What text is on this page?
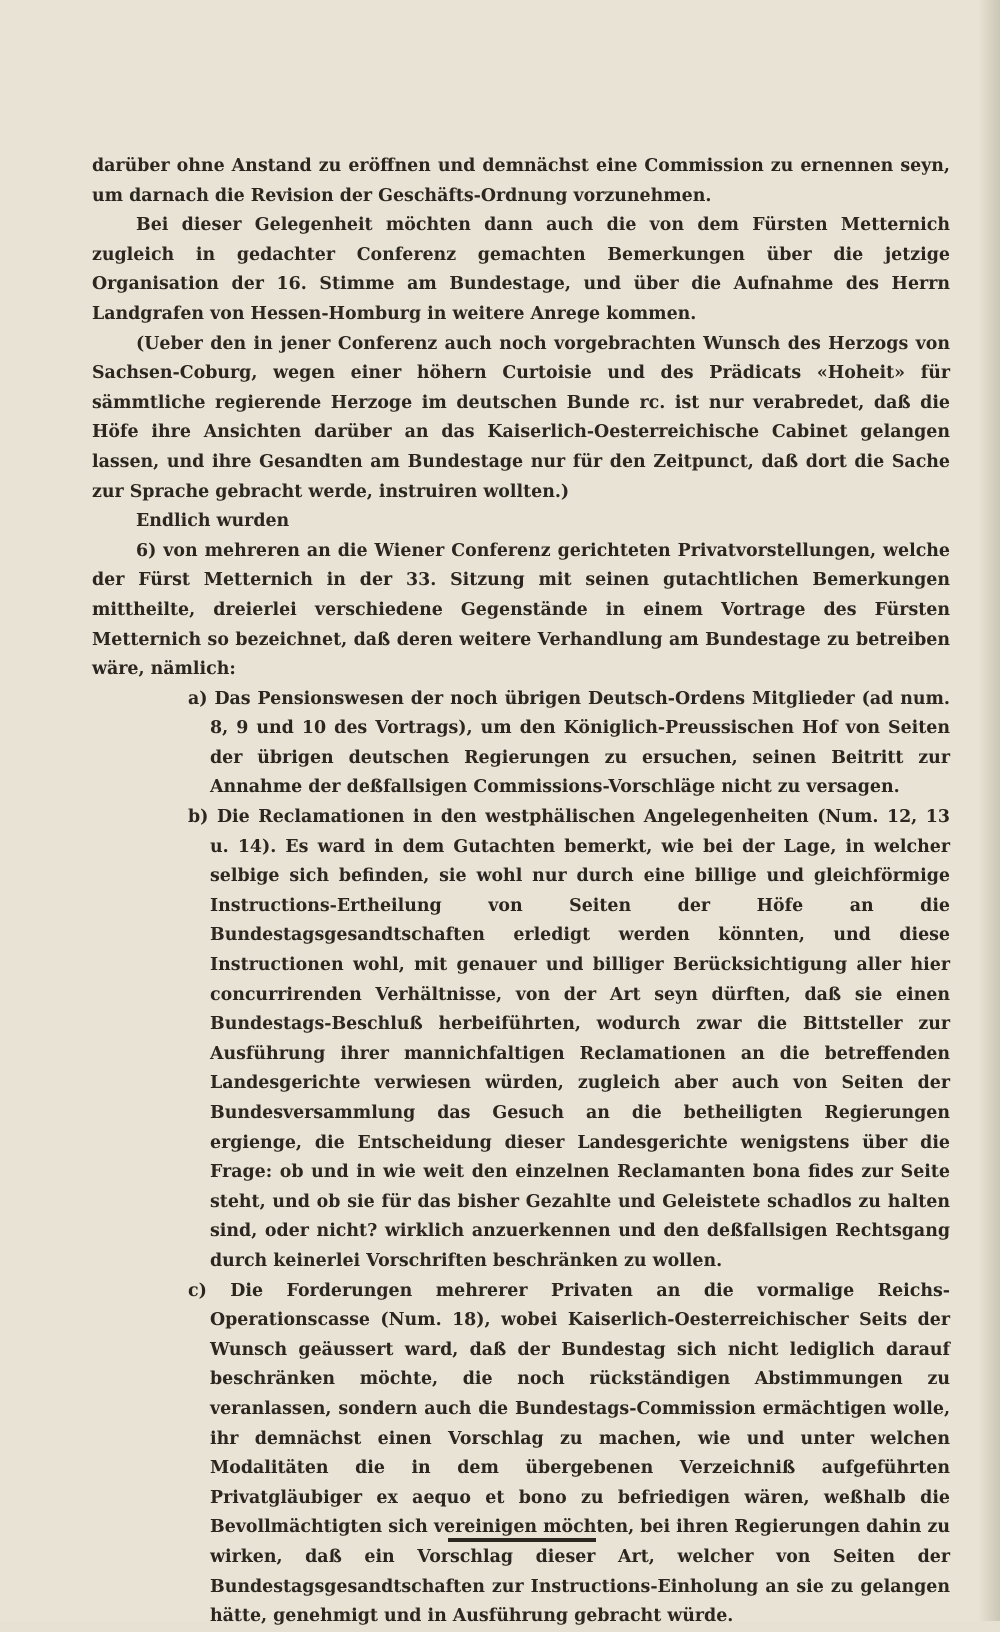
darüber ohne Anstand zu eröffnen und demnächst eine Commission zu ernennen seyn, um darnach die Revision der Geschäfts-Ordnung vorzunehmen.

Bei dieser Gelegenheit möchten dann auch die von dem Fürsten Metternich zugleich in gedachter Conferenz gemachten Bemerkungen über die jetzige Organisation der 16. Stimme am Bundestage, und über die Aufnahme des Herrn Landgrafen von Hessen-Homburg in weitere Anrege kommen.

(Ueber den in jener Conferenz auch noch vorgebrachten Wunsch des Herzogs von Sachsen-Coburg, wegen einer höhern Curtoisie und des Prädicats «Hoheit» für sämmtliche regierende Herzoge im deutschen Bunde rc. ist nur verabredet, daß die Höfe ihre Ansichten darüber an das Kaiserlich-Oesterreichische Cabinet gelangen lassen, und ihre Gesandten am Bundestage nur für den Zeitpunct, daß dort die Sache zur Sprache gebracht werde, instruiren wollten.)

Endlich wurden

6) von mehreren an die Wiener Conferenz gerichteten Privatvorstellungen, welche der Fürst Metternich in der 33. Sitzung mit seinen gutachtlichen Bemerkungen mittheilte, dreierlei verschiedene Gegenstände in einem Vortrage des Fürsten Metternich so bezeichnet, daß deren weitere Verhandlung am Bundestage zu betreiben wäre, nämlich:

a) Das Pensionswesen der noch übrigen Deutsch-Ordens Mitglieder (ad num. 8, 9 und 10 des Vortrags), um den Königlich-Preussischen Hof von Seiten der übrigen deutschen Regierungen zu ersuchen, seinen Beitritt zur Annahme der deßfallsigen Commissions-Vorschläge nicht zu versagen.

b) Die Reclamationen in den westphälischen Angelegenheiten (Num. 12, 13 u. 14). Es ward in dem Gutachten bemerkt, wie bei der Lage, in welcher selbige sich befinden, sie wohl nur durch eine billige und gleichförmige Instructions-Ertheilung von Seiten der Höfe an die Bundestagsgesandtschaften erledigt werden könnten, und diese Instructionen wohl, mit genauer und billiger Berücksichtigung aller hier concurrirenden Verhältnisse, von der Art seyn dürften, daß sie einen Bundestags-Beschluß herbeiführten, wodurch zwar die Bittsteller zur Ausführung ihrer mannichfaltigen Reclamationen an die betreffenden Landesgerichte verwiesen würden, zugleich aber auch von Seiten der Bundesversammlung das Gesuch an die betheiligten Regierungen ergienge, die Entscheidung dieser Landesgerichte wenigstens über die Frage: ob und in wie weit den einzelnen Reclamanten bona fides zur Seite steht, und ob sie für das bisher Gezahlte und Geleistete schadlos zu halten sind, oder nicht? wirklich anzuerkennen und den deßfallsigen Rechtsgang durch keinerlei Vorschriften beschränken zu wollen.

c) Die Forderungen mehrerer Privaten an die vormalige Reichs-Operationscasse (Num. 18), wobei Kaiserlich-Oesterreichischer Seits der Wunsch geäussert ward, daß der Bundestag sich nicht lediglich darauf beschränken möchte, die noch rückständigen Abstimmungen zu veranlassen, sondern auch die Bundestags-Commission ermächtigen wolle, ihr demnächst einen Vorschlag zu machen, wie und unter welchen Modalitäten die in dem übergebenen Verzeichniß aufgeführten Privatgläubiger ex aequo et bono zu befriedigen wären, weßhalb die Bevollmächtigten sich vereinigen möchten, bei ihren Regierungen dahin zu wirken, daß ein Vorschlag dieser Art, welcher von Seiten der Bundestagsgesandtschaften zur Instructions-Einholung an sie zu gelangen hätte, genehmigt und in Ausführung gebracht würde.
